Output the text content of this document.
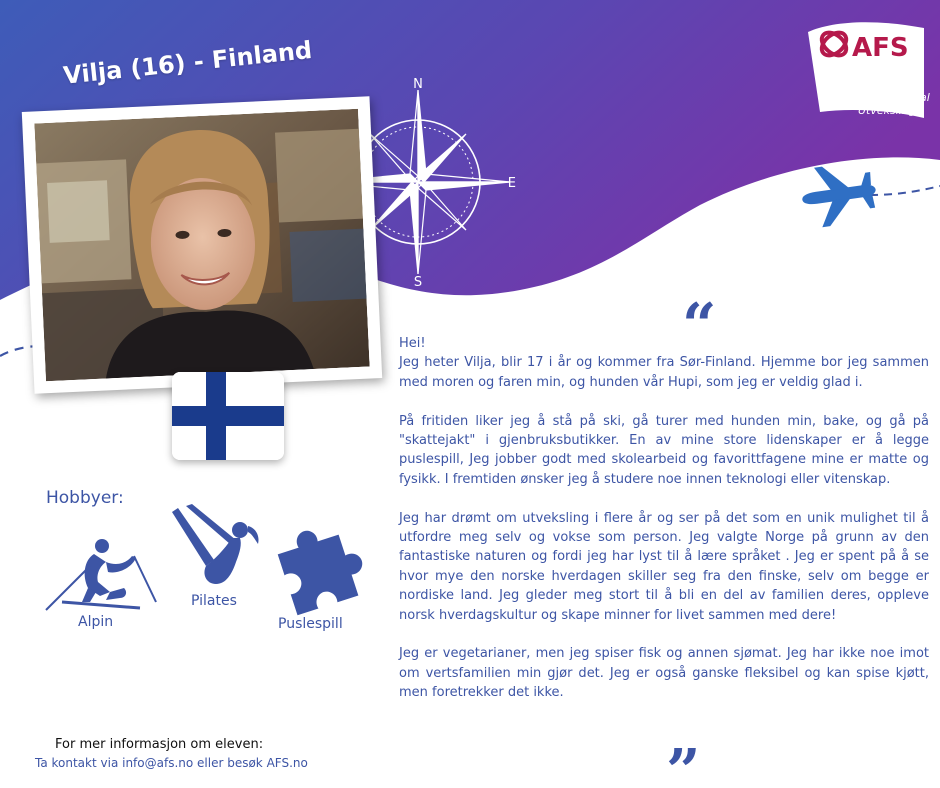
N
E
S
Vilja (16) - Finland	AFS
AFS Norge
Internasjonal
Utveksling
Hobbyer:
Alpin
Pilates
Puslespill
“

Hei!
Jeg heter Vilja, blir 17 i år og kommer fra Sør-Finland. Hjemme bor jeg sammen med moren og faren min, og hunden vår Hupi, som jeg er veldig glad i.

På fritiden liker jeg å stå på ski, gå turer med hunden min, bake, og gå på "skattejakt" i gjenbruksbutikker. En av mine store lidenskaper er å legge puslespill, Jeg jobber godt med skolearbeid og favorittfagene mine er matte og fysikk. I fremtiden ønsker jeg å studere noe innen teknologi eller vitenskap.

Jeg har drømt om utveksling i flere år og ser på det som en unik mulighet til å utfordre meg selv og vokse som person. Jeg valgte Norge på grunn av den fantastiske naturen og fordi jeg har lyst til å lære språket . Jeg er spent på å se hvor mye den norske hverdagen skiller seg fra den finske, selv om begge er nordiske land. Jeg gleder meg stort til å bli en del av familien deres, oppleve norsk hverdagskultur og skape minner for livet sammen med dere!

Jeg er vegetarianer, men jeg spiser fisk og annen sjømat. Jeg har ikke noe imot om vertsfamilien min gjør det. Jeg er også ganske fleksibel og kan spise kjøtt, men foretrekker det ikke.

”
For mer informasjon om eleven:
Ta kontakt via info@afs.no eller besøk AFS.no
